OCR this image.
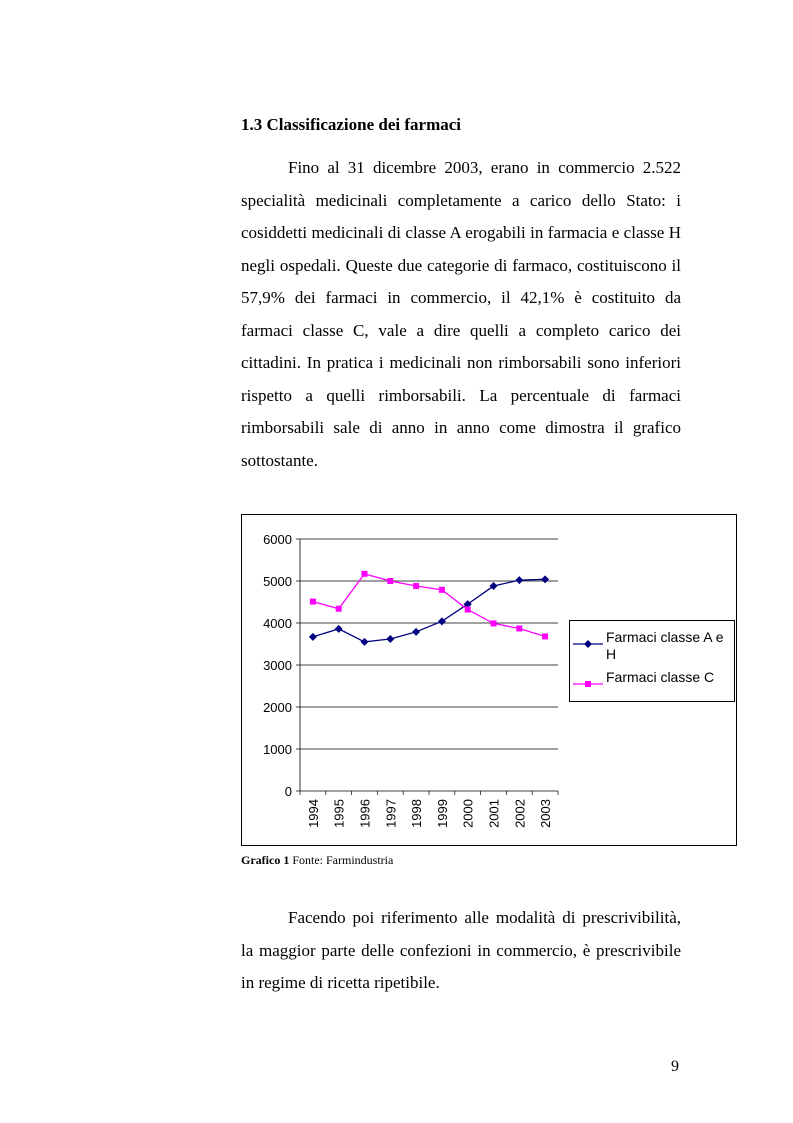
1.3 Classificazione dei farmaci

Fino al 31 dicembre 2003, erano in commercio 2.522 specialità medicinali completamente a carico dello Stato: i cosiddetti medicinali di classe A erogabili in farmacia e classe H negli ospedali. Queste due categorie di farmaco, costituiscono il 57,9% dei farmaci in commercio, il 42,1% è costituito da farmaci classe C, vale a dire quelli a completo carico dei cittadini. In pratica i medicinali non rimborsabili sono inferiori rispetto a quelli rimborsabili. La percentuale di farmaci rimborsabili sale di anno in anno come dimostra il grafico sottostante.

0
1000
2000
3000
4000
5000
6000
1994 1995 1996 1997 1998 1999 2000 2001 2002 2003
Farmaci classe A e H
Farmaci classe C

Grafico 1 Fonte: Farmindustria

Facendo poi riferimento alle modalità di prescrivibilità, la maggior parte delle confezioni in commercio, è prescrivibile in regime di ricetta ripetibile.

9
